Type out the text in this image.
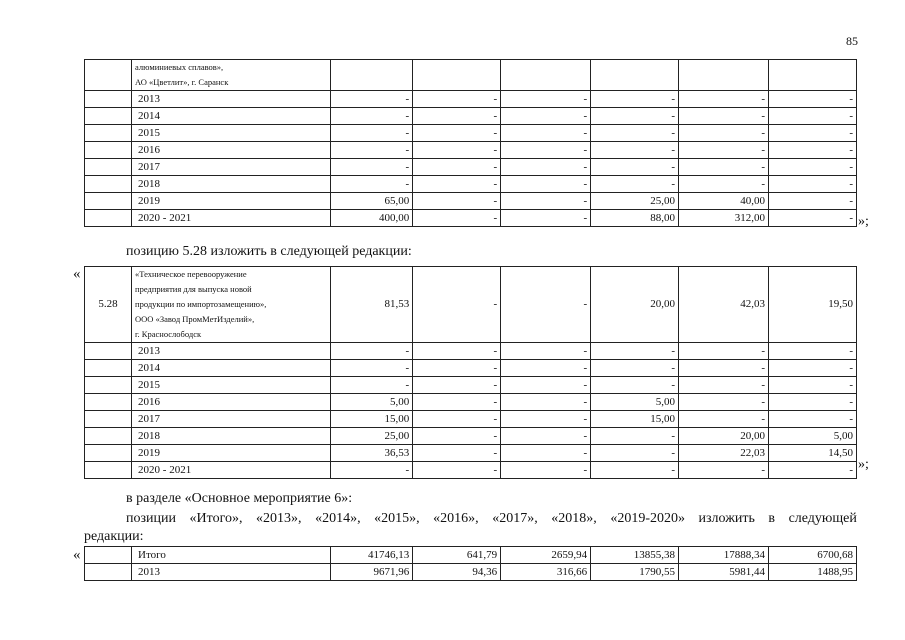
85

	алюминиевых сплавов»,
АО «Цветлит», г. Саранск						

	2013	-	-	-	-	-	-
	2014	-	-	-	-	-	-
	2015	-	-	-	-	-	-
	2016	-	-	-	-	-	-
	2017	-	-	-	-	-	-
	2018	-	-	-	-	-	-
	2019	65,00	-	-	25,00	40,00	-
	2020 - 2021	400,00	-	-	88,00	312,00	- »;
позицию 5.28 изложить в следующей редакции:
«
5.28	«Техническое перевооружение
предприятия для выпуска новой
продукции по импортозамещению»,
ООО «Завод ПромМетИзделий»,
г. Краснослободск	81,53	-	-	20,00	42,03	19,50
	2013	-	-	-	-	-	-
	2014	-	-	-	-	-	-
	2015	-	-	-	-	-	-
	2016	5,00	-	-	5,00	-	-
	2017	15,00	-	-	15,00	-	-
	2018	25,00	-	-	-	20,00	5,00
	2019	36,53	-	-	-	22,03	14,50
	2020 - 2021	-	-	-	-	-	- »;
в разделе «Основное мероприятие 6»:
позиции «Итого», «2013», «2014», «2015», «2016», «2017», «2018», «2019-2020» изложить в следующей
редакции:
«
		Итого	41746,13	641,79	2659,94	13855,38	17888,34	6700,68
	2013	9671,96	94,36	316,66	1790,55	5981,44	1488,95
